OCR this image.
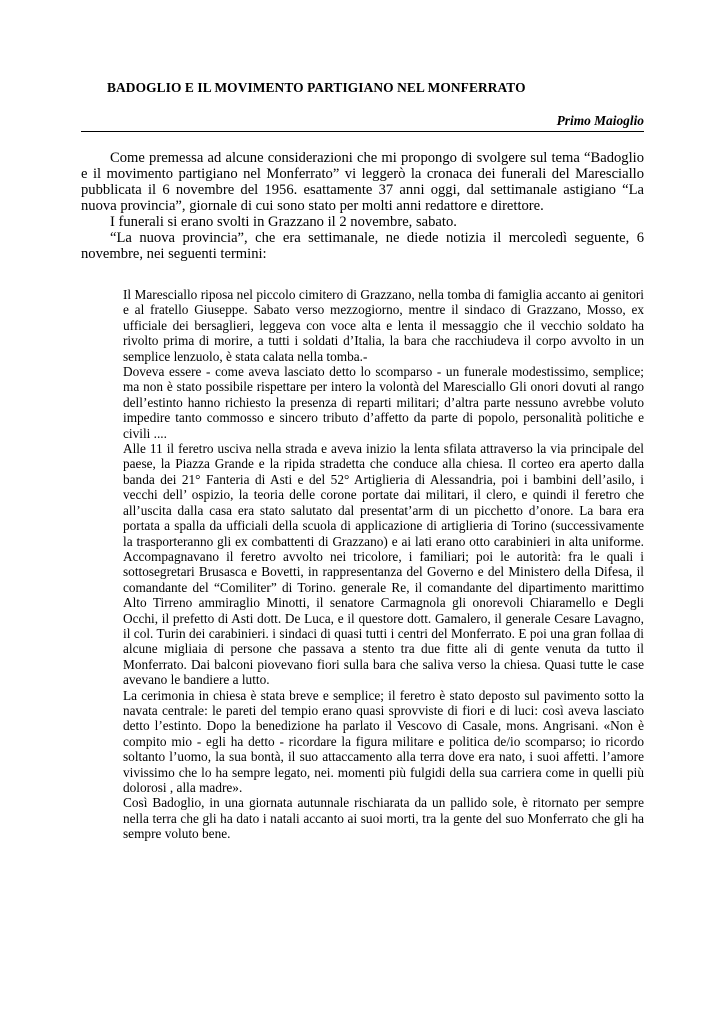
BADOGLIO E IL MOVIMENTO PARTIGIANO NEL MONFERRATO

Primo Maioglio

Come premessa ad alcune considerazioni che mi propongo di svolgere sul tema “Badoglio e il movimento partigiano nel Monferrato” vi leggerò la cronaca dei funerali del Maresciallo pubblicata il 6 novembre del 1956. esattamente 37 anni oggi, dal settimanale astigiano “La nuova provincia”, giornale di cui sono stato per molti anni redattore e direttore.

I funerali si erano svolti in Grazzano il 2 novembre, sabato.

“La nuova provincia”, che era settimanale, ne diede notizia il mercoledì seguente, 6 novembre, nei seguenti termini:

Il Maresciallo riposa nel piccolo cimitero di Grazzano, nella tomba di famiglia accanto ai genitori e al fratello Giuseppe. Sabato verso mezzogiorno, mentre il sindaco di Grazzano, Mosso, ex ufficiale dei bersaglieri, leggeva con voce alta e lenta il messaggio che il vecchio soldato ha rivolto prima di morire, a tutti i soldati d’Italia, la bara che racchiudeva il corpo avvolto in un semplice lenzuolo, è stata calata nella tomba.-

Doveva essere - come aveva lasciato detto lo scomparso - un funerale modestissimo, semplice; ma non è stato possibile rispettare per intero la volontà del Maresciallo Gli onori dovuti al rango dell’estinto hanno richiesto la presenza di reparti militari; d’altra parte nessuno avrebbe voluto impedire tanto commosso e sincero tributo d’affetto da parte di popolo, personalità politiche e civili ....

Alle 11 il feretro usciva nella strada e aveva inizio la lenta sfilata attraverso la via principale del paese, la Piazza Grande e la ripida stradetta che conduce alla chiesa. Il corteo era aperto dalla banda dei 21° Fanteria di Asti e del 52° Artiglieria di Alessandria, poi i bambini dell’asilo, i vecchi dell’ ospizio, la teoria delle corone portate dai militari, il clero, e quindi il feretro che all’uscita dalla casa era stato salutato dal presentat’arm di un picchetto d’onore. La bara era portata a spalla da ufficiali della scuola di applicazione di artiglieria di Torino (successivamente la trasporteranno gli ex combattenti di Grazzano) e ai lati erano otto carabinieri in alta uniforme. Accompagnavano il feretro avvolto nei tricolore, i familiari; poi le autorità: fra le quali i sottosegretari Brusasca e Bovetti, in rappresentanza del Governo e del Ministero della Difesa, il comandante del “Comiliter” di Torino. generale Re, il comandante del dipartimento marittimo Alto Tirreno ammiraglio Minotti, il senatore Carmagnola gli onorevoli Chiaramello e Degli Occhi, il prefetto di Asti dott. De Luca, e il questore dott. Gamalero, il generale Cesare Lavagno, il col. Turin dei carabinieri. i sindaci di quasi tutti i centri del Monferrato. E poi una gran follaa di alcune migliaia di persone che passava a stento tra due fitte ali di gente venuta da tutto il Monferrato. Dai balconi piovevano fiori sulla bara che saliva verso la chiesa. Quasi tutte le case avevano le bandiere a lutto.

La cerimonia in chiesa è stata breve e semplice; il feretro è stato deposto sul pavimento sotto la navata centrale: le pareti del tempio erano quasi sprovviste di fiori e di luci: così aveva lasciato detto l’estinto. Dopo la benedizione ha parlato il Vescovo di Casale, mons. Angrisani. «Non è compito mio - egli ha detto - ricordare la figura militare e politica de/io scomparso; io ricordo soltanto l’uomo, la sua bontà, il suo attaccamento alla terra dove era nato, i suoi affetti. l’amore vivissimo che lo ha sempre legato, nei. momenti più fulgidi della sua carriera come in quelli più dolorosi , alla madre».

Così Badoglio, in una giornata autunnale rischiarata da un pallido sole, è ritornato per sempre nella terra che gli ha dato i natali accanto ai suoi morti, tra la gente del suo Monferrato che gli ha sempre voluto bene.
